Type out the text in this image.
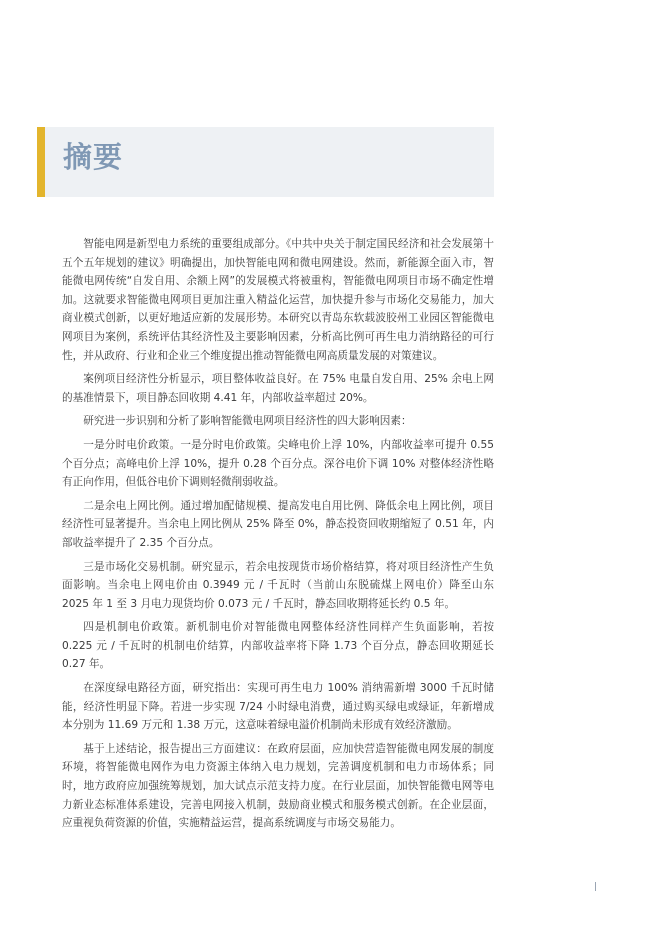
摘要

智能电网是新型电力系统的重要组成部分。《中共中央关于制定国民经济和社会发展第十五个五年规划的建议》明确提出，加快智能电网和微电网建设。然而，新能源全面入市，智能微电网传统“自发自用、余额上网”的发展模式将被重构，智能微电网项目市场不确定性增加。这就要求智能微电网项目更加注重入精益化运营，加快提升参与市场化交易能力，加大商业模式创新，以更好地适应新的发展形势。本研究以青岛东软载波胶州工业园区智能微电网项目为案例，系统评估其经济性及主要影响因素，分析高比例可再生电力消纳路径的可行性，并从政府、行业和企业三个维度提出推动智能微电网高质量发展的对策建议。

案例项目经济性分析显示，项目整体收益良好。在 75% 电量自发自用、25% 余电上网的基准情景下，项目静态回收期 4.41 年，内部收益率超过 20%。

研究进一步识别和分析了影响智能微电网项目经济性的四大影响因素：

一是分时电价政策。一是分时电价政策。尖峰电价上浮 10%，内部收益率可提升 0.55 个百分点；高峰电价上浮 10%，提升 0.28 个百分点。深谷电价下调 10% 对整体经济性略有正向作用，但低谷电价下调则轻微削弱收益。

二是余电上网比例。通过增加配储规模、提高发电自用比例、降低余电上网比例，项目经济性可显著提升。当余电上网比例从 25% 降至 0%，静态投资回收期缩短了 0.51 年，内部收益率提升了 2.35 个百分点。

三是市场化交易机制。研究显示，若余电按现货市场价格结算，将对项目经济性产生负面影响。当余电上网电价由 0.3949 元 / 千瓦时（当前山东脱硫煤上网电价）降至山东 2025 年 1 至 3 月电力现货均价 0.073 元 / 千瓦时，静态回收期将延长约 0.5 年。

四是机制电价政策。新机制电价对智能微电网整体经济性同样产生负面影响，若按 0.225 元 / 千瓦时的机制电价结算，内部收益率将下降 1.73 个百分点，静态回收期延长 0.27 年。

在深度绿电路径方面，研究指出：实现可再生电力 100% 消纳需新增 3000 千瓦时储能，经济性明显下降。若进一步实现 7/24 小时绿电消费，通过购买绿电或绿证，年新增成本分别为 11.69 万元和 1.38 万元，这意味着绿电溢价机制尚未形成有效经济激励。

基于上述结论，报告提出三方面建议：在政府层面，应加快营造智能微电网发展的制度环境，将智能微电网作为电力资源主体纳入电力规划，完善调度机制和电力市场体系；同时，地方政府应加强统筹规划，加大试点示范支持力度。在行业层面，加快智能微电网等电力新业态标准体系建设，完善电网接入机制，鼓励商业模式和服务模式创新。在企业层面，应重视负荷资源的价值，实施精益运营，提高系统调度与市场交易能力。
